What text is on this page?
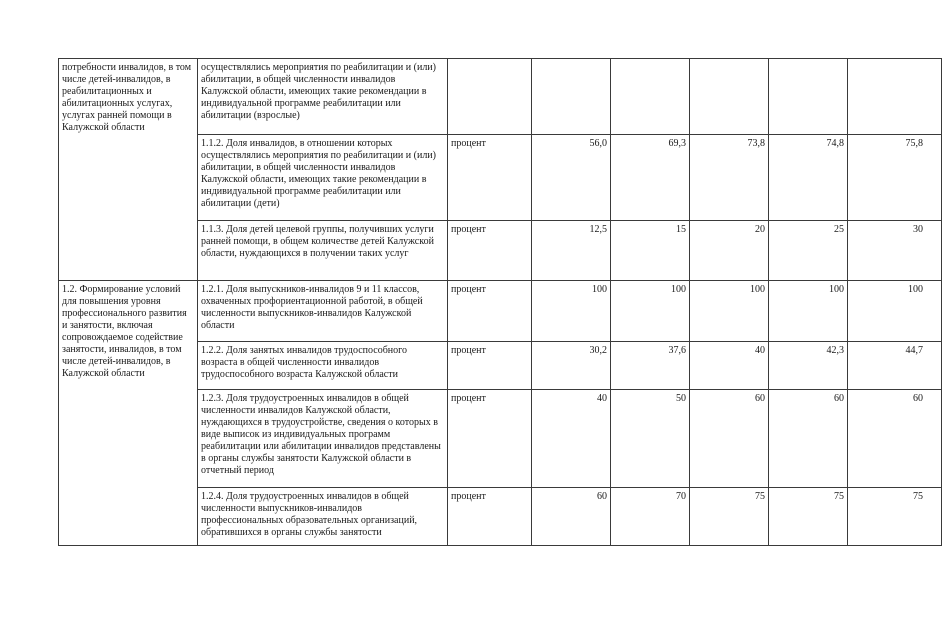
потребности инвалидов, в том числе детей-инвалидов, в реабилитационных и абилитационных услугах, услугах ранней помощи в Калужской области	осуществлялись мероприятия по реабилитации и (или) абилитации, в общей численности инвалидов Калужской области, имеющих такие рекомендации в индивидуальной программе реабилитации или абилитации (взрослые)						
	1.1.2. Доля инвалидов, в отношении которых осуществлялись мероприятия по реабилитации и (или) абилитации, в общей численности инвалидов Калужской области, имеющих такие рекомендации в индивидуальной программе реабилитации или абилитации (дети)	процент	56,0	69,3	73,8	74,8	75,8
	1.1.3. Доля детей целевой группы, получивших услуги ранней помощи, в общем количестве детей Калужской области, нуждающихся в получении таких услуг	процент	12,5	15	20	25	30
1.2. Формирование условий для повышения уровня профессионального развития и занятости, включая сопровождаемое содействие занятости, инвалидов, в том числе детей-инвалидов, в Калужской области	1.2.1. Доля выпускников-инвалидов 9 и 11 классов, охваченных профориентационной работой, в общей численности выпускников-инвалидов Калужской области	процент	100	100	100	100	100
	1.2.2. Доля занятых инвалидов трудоспособного возраста в общей численности инвалидов трудоспособного возраста Калужской области	процент	30,2	37,6	40	42,3	44,7
	1.2.3. Доля трудоустроенных инвалидов в общей численности инвалидов Калужской области, нуждающихся в трудоустройстве, сведения о которых в виде выписок из индивидуальных программ реабилитации или абилитации инвалидов представлены в органы службы занятости Калужской области в отчетный период	процент	40	50	60	60	60
	1.2.4. Доля трудоустроенных инвалидов в общей численности выпускников-инвалидов профессиональных образовательных организаций, обратившихся в органы службы занятости	процент	60	70	75	75	75
